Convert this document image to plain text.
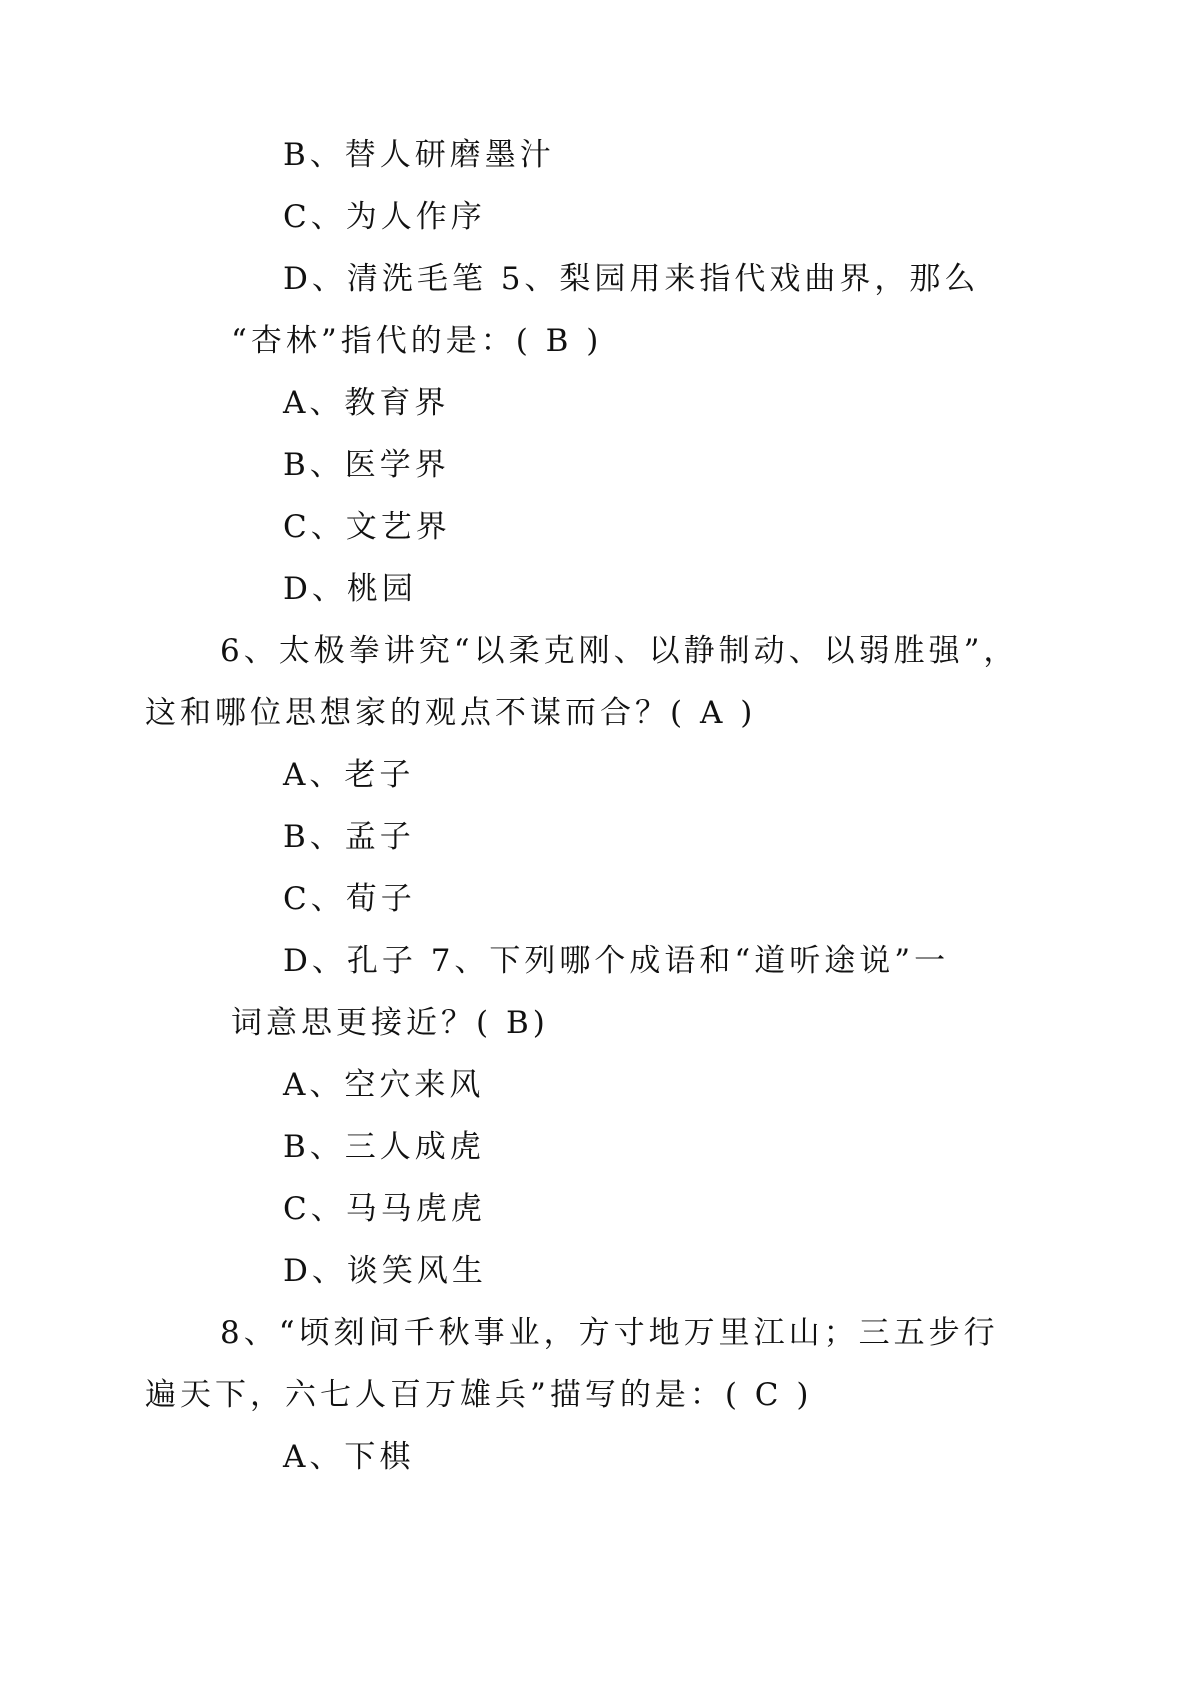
B、替人研磨墨汁
C、为人作序
D、清洗毛笔 5、梨园用来指代戏曲界，那么
“杏林”指代的是：( B )
A、教育界
B、医学界
C、文艺界
D、桃园
6、太极拳讲究“以柔克刚、以静制动、以弱胜强”，
这和哪位思想家的观点不谋而合？( A )
A、老子
B、孟子
C、荀子
D、孔子 7、下列哪个成语和“道听途说”一
词意思更接近？( B)
A、空穴来风
B、三人成虎
C、马马虎虎
D、谈笑风生
8、“顷刻间千秋事业，方寸地万里江山；三五步行
遍天下，六七人百万雄兵”描写的是：( C )
A、下棋
